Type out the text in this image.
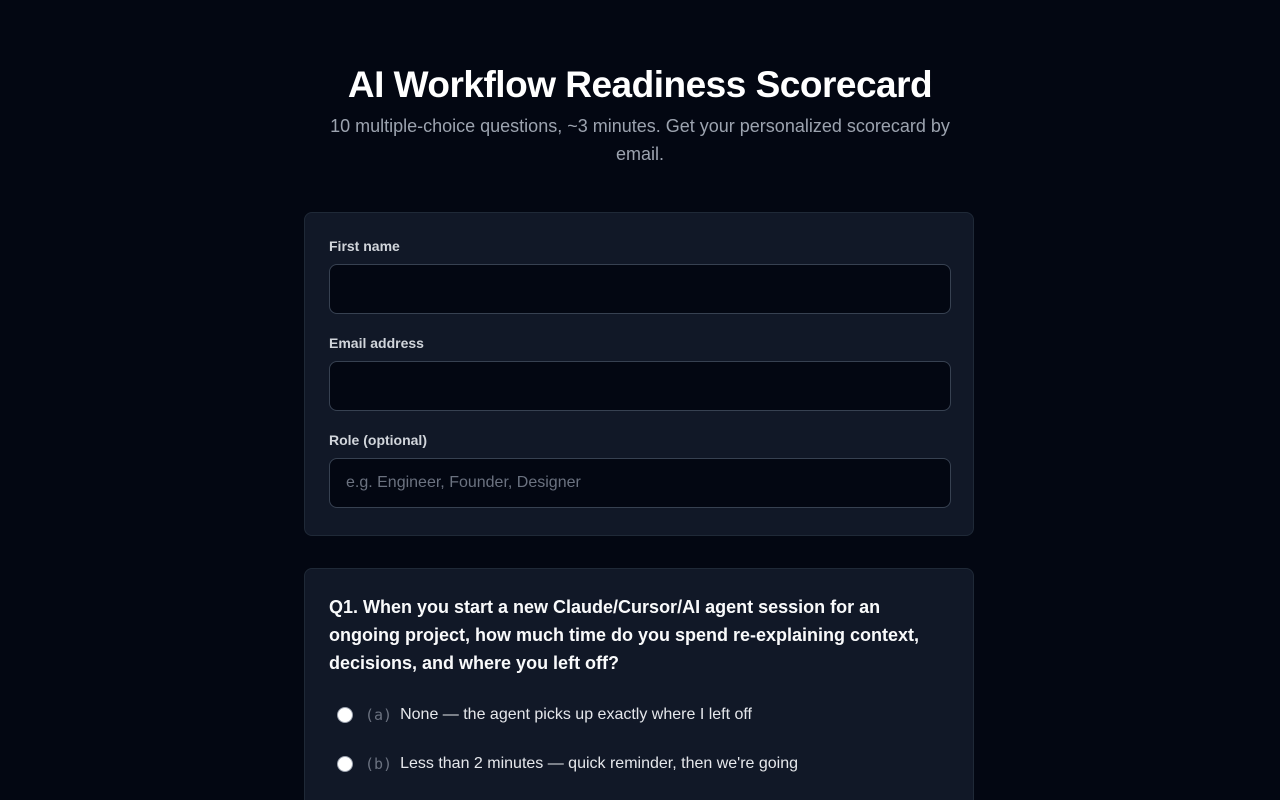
AI Workflow Readiness Scorecard

10 multiple-choice questions, ~3 minutes. Get your personalized scorecard by email.

First name
Email address
Role (optional)
e.g. Engineer, Founder, Designer

Q1. When you start a new Claude/Cursor/AI agent session for an ongoing project, how much time do you spend re-explaining context, decisions, and where you left off?

(a) None — the agent picks up exactly where I left off
(b) Less than 2 minutes — quick reminder, then we're going
